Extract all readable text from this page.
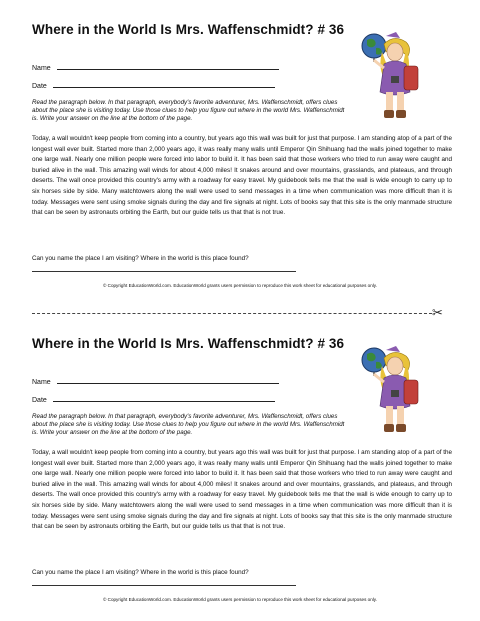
Where in the World Is Mrs. Waffenschmidt? # 36
Name
Date
Read the paragraph below. In that paragraph, everybody's favorite adventurer, Mrs. Waffenschmidt, offers clues about the place she is visiting today. Use those clues to help you figure out where in the world Mrs. Waffenschmidt is. Write your answer on the line at the bottom of the page.
Today, a wall wouldn't keep people from coming into a country, but years ago this wall was built for just that purpose. I am standing atop of a part of the longest wall ever built. Started more than 2,000 years ago, it was really many walls until Emperor Qin Shihuang had the walls joined together to make one large wall. Nearly one million people were forced into labor to build it. It has been said that those workers who tried to run away were caught and buried alive in the wall. This amazing wall winds for about 4,000 miles! It snakes around and over mountains, grasslands, and plateaus, and through deserts. The wall once provided this country's army with a roadway for easy travel. My guidebook tells me that the wall is wide enough to carry up to six horses side by side. Many watchtowers along the wall were used to send messages in a time when communication was more difficult than it is today. Messages were sent using smoke signals during the day and fire signals at night. Lots of books say that this site is the only manmade structure that can be seen by astronauts orbiting the Earth, but our guide tells us that that is not true.
Can you name the place I am visiting? Where in the world is this place found?
© Copyright EducationWorld.com. EducationWorld grants users permission to reproduce this work sheet for educational purposes only.
✂
Where in the World Is Mrs. Waffenschmidt? # 36
Name
Date
Read the paragraph below. In that paragraph, everybody's favorite adventurer, Mrs. Waffenschmidt, offers clues about the place she is visiting today. Use those clues to help you figure out where in the world Mrs. Waffenschmidt is. Write your answer on the line at the bottom of the page.
Today, a wall wouldn't keep people from coming into a country, but years ago this wall was built for just that purpose. I am standing atop of a part of the longest wall ever built. Started more than 2,000 years ago, it was really many walls until Emperor Qin Shihuang had the walls joined together to make one large wall. Nearly one million people were forced into labor to build it. It has been said that those workers who tried to run away were caught and buried alive in the wall. This amazing wall winds for about 4,000 miles! It snakes around and over mountains, grasslands, and plateaus, and through deserts. The wall once provided this country's army with a roadway for easy travel. My guidebook tells me that the wall is wide enough to carry up to six horses side by side. Many watchtowers along the wall were used to send messages in a time when communication was more difficult than it is today. Messages were sent using smoke signals during the day and fire signals at night. Lots of books say that this site is the only manmade structure that can be seen by astronauts orbiting the Earth, but our guide tells us that that is not true.
Can you name the place I am visiting? Where in the world is this place found?
© Copyright EducationWorld.com. EducationWorld grants users permission to reproduce this work sheet for educational purposes only.
